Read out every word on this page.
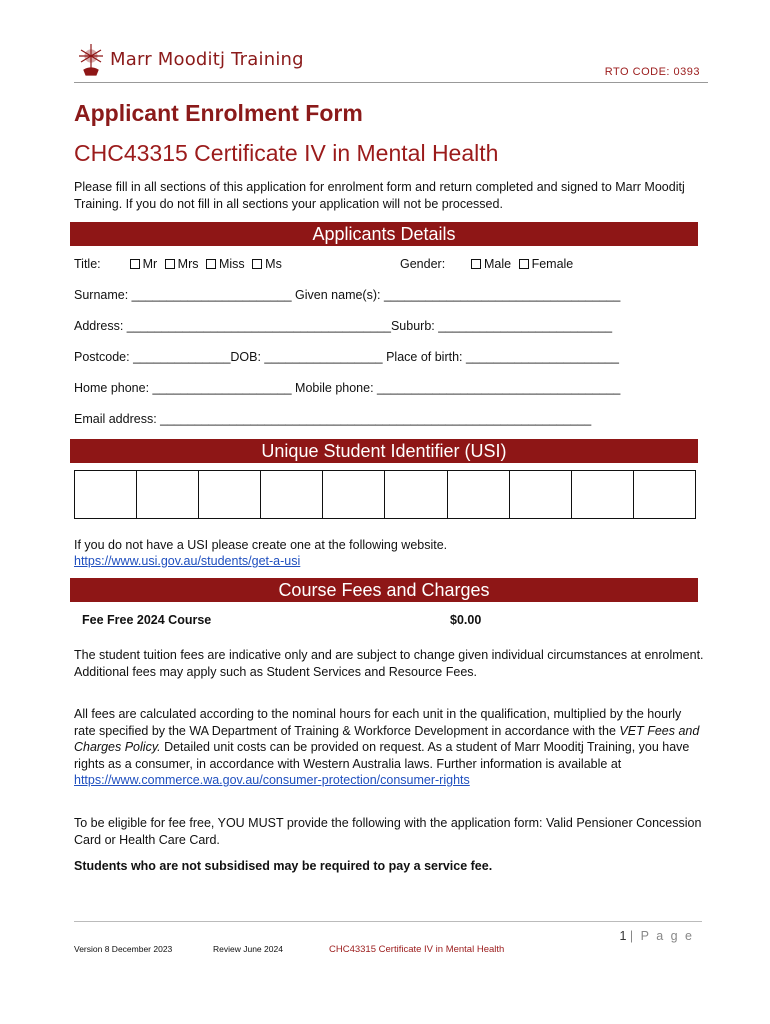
Marr Mooditj Training
RTO CODE: 0393
Applicant Enrolment Form
CHC43315 Certificate IV in Mental Health
Please fill in all sections of this application for enrolment form and return completed and signed to Marr Mooditj Training. If you do not fill in all sections your application will not be processed.
Applicants Details
Title:	Mr Mrs Miss Ms	Gender:	Male Female
Surname: _______________________ Given name(s): __________________________________
Address: ______________________________________Suburb: _________________________
Postcode: ______________DOB: _________________ Place of birth: ______________________
Home phone: ____________________ Mobile phone: ___________________________________
Email address: ______________________________________________________________
Unique Student Identifier (USI)
If you do not have a USI please create one at the following website.
https://www.usi.gov.au/students/get-a-usi
Course Fees and Charges
Fee Free 2024 Course	$0.00
The student tuition fees are indicative only and are subject to change given individual circumstances at enrolment. Additional fees may apply such as Student Services and Resource Fees.
All fees are calculated according to the nominal hours for each unit in the qualification, multiplied by the hourly rate specified by the WA Department of Training & Workforce Development in accordance with the VET Fees and Charges Policy. Detailed unit costs can be provided on request. As a student of Marr Mooditj Training, you have rights as a consumer, in accordance with Western Australia laws. Further information is available at
https://www.commerce.wa.gov.au/consumer-protection/consumer-rights
To be eligible for fee free, YOU MUST provide the following with the application form: Valid Pensioner Concession Card or Health Care Card.
Students who are not subsidised may be required to pay a service fee.
1 | P a g e
Version 8 December 2023	Review June 2024	CHC43315 Certificate IV in Mental Health
